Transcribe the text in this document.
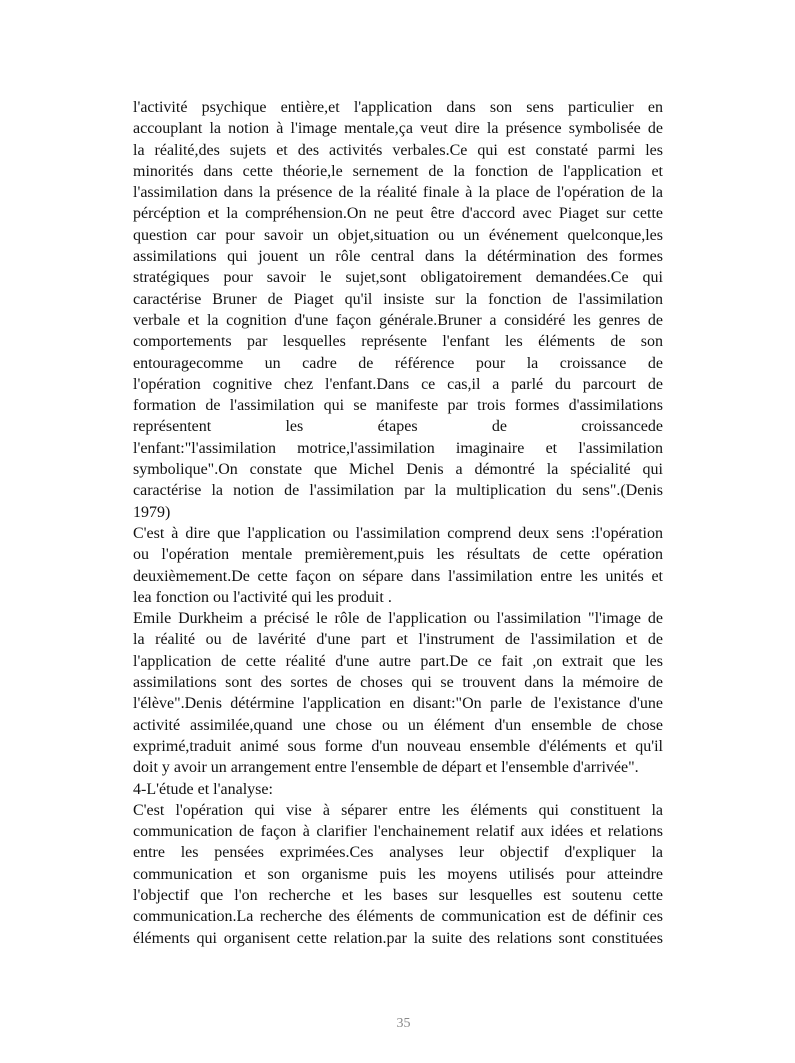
l'activité psychique entière,et l'application dans son sens particulier en
accouplant la notion à l'image mentale,ça veut dire la présence symbolisée de
la réalité,des sujets et des activités verbales.Ce qui est constaté parmi les
minorités dans cette théorie,le sernement de la fonction de l'application et
l'assimilation dans la présence de la réalité finale à la place de l'opération de la
pércéption et la compréhension.On ne peut être d'accord avec Piaget sur cette
question car pour savoir un objet,situation ou un événement quelconque,les
assimilations qui jouent un rôle central dans la détérmination des formes
stratégiques pour savoir le sujet,sont obligatoirement demandées.Ce qui
caractérise Bruner de Piaget qu'il insiste sur la fonction de l'assimilation
verbale et la cognition d'une façon générale.Bruner a considéré les genres de
comportements par lesquelles représente l'enfant les éléments de son
entouragecomme un cadre de référence pour la croissance de
l'opération cognitive chez l'enfant.Dans ce cas,il a parlé du parcourt de
formation de l'assimilation qui se manifeste par trois formes d'assimilations
représentent les étapes de croissancede
l'enfant:"l'assimilation motrice,l'assimilation imaginaire et l'assimilation
symbolique".On constate que Michel Denis a démontré la spécialité qui
caractérise la notion de l'assimilation par la multiplication du sens".(Denis
1979)
C'est à dire que l'application ou l'assimilation comprend deux sens :l'opération
ou l'opération mentale premièrement,puis les résultats de cette opération
deuxièmement.De cette façon on sépare dans l'assimilation entre les unités et
lea fonction ou l'activité qui les produit .
Emile Durkheim a précisé le rôle de l'application ou l'assimilation "l'image de
la réalité ou de lavérité d'une part et l'instrument de l'assimilation et de
l'application de cette réalité d'une autre part.De ce fait ,on extrait que les
assimilations sont des sortes de choses qui se trouvent dans la mémoire de
l'élève".Denis détérmine l'application en disant:"On parle de l'existance d'une
activité assimilée,quand une chose ou un élément d'un ensemble de chose
exprimé,traduit animé sous forme d'un nouveau ensemble d'éléments et qu'il
doit y avoir un arrangement entre l'ensemble de départ et l'ensemble d'arrivée".
4-L'étude et l'analyse:
C'est l'opération qui vise à séparer entre les éléments qui constituent la
communication de façon à clarifier l'enchainement relatif aux idées et relations
entre les pensées exprimées.Ces analyses leur objectif d'expliquer la
communication et son organisme puis les moyens utilisés pour atteindre
l'objectif que l'on recherche et les bases sur lesquelles est soutenu cette
communication.La recherche des éléments de communication est de définir ces
éléments qui organisent cette relation.par la suite des relations sont constituées
35
